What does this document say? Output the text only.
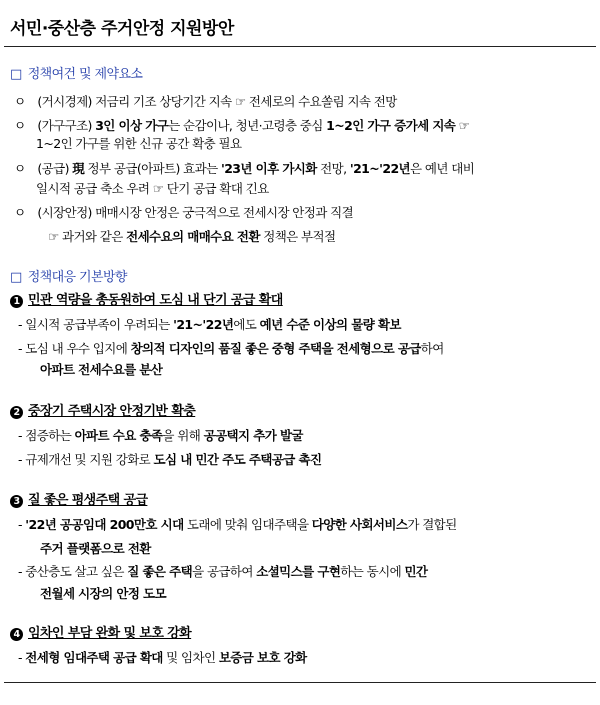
서민·중산층 주거안정 지원방안
□ 정책여건 및 제약요소
ㅇ (거시경제) 저금리 기조 상당기간 지속 ☞ 전세로의 수요쏠림 지속 전망
ㅇ (가구구조) 3인 이상 가구는 순감이나, 청년·고령층 중심 1~2인 가구 증가세 지속 ☞
1~2인 가구를 위한 신규 공간 확충 필요
ㅇ (공급) 現 정부 공급(아파트) 효과는 '23년 이후 가시화 전망, '21~'22년은 예년 대비
일시적 공급 축소 우려 ☞ 단기 공급 확대 긴요
ㅇ (시장안정) 매매시장 안정은 궁극적으로 전세시장 안정과 직결
☞ 과거와 같은 전세수요의 매매수요 전환 정책은 부적절
□ 정책대응 기본방향
1 민관 역량을 총동원하여 도심 내 단기 공급 확대
- 일시적 공급부족이 우려되는 '21~'22년에도 예년 수준 이상의 물량 확보
- 도심 내 우수 입지에 창의적 디자인의 품질 좋은 중형 주택을 전세형으로 공급하여
아파트 전세수요를 분산
2 중장기 주택시장 안정기반 확충
- 점증하는 아파트 수요 충족을 위해 공공택지 추가 발굴
- 규제개선 및 지원 강화로 도심 내 민간 주도 주택공급 촉진
3 질 좋은 평생주택 공급
- '22년 공공임대 200만호 시대 도래에 맞춰 임대주택을 다양한 사회서비스가 결합된
주거 플랫폼으로 전환
- 중산층도 살고 싶은 질 좋은 주택을 공급하여 소셜믹스를 구현하는 동시에 민간
전월세 시장의 안정 도모
4 임차인 부담 완화 및 보호 강화
- 전세형 임대주택 공급 확대 및 임차인 보증금 보호 강화
